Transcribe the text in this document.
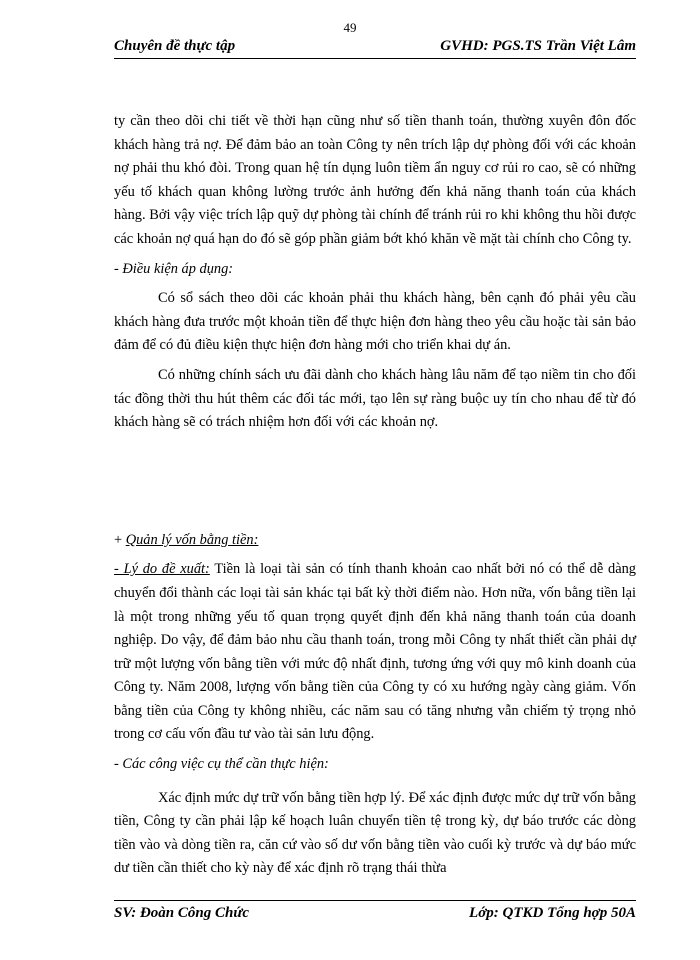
49
Chuyên đề thực tập	GVHD: PGS.TS Trần Việt Lâm

ty cần theo dõi chi tiết về thời hạn cũng như số tiền thanh toán, thường xuyên đôn đốc khách hàng trả nợ. Để đảm bảo an toàn Công ty nên trích lập dự phòng đối với các khoản nợ phải thu khó đòi. Trong quan hệ tín dụng luôn tiềm ẩn nguy cơ rủi ro cao, sẽ có những yếu tố khách quan không lường trước ảnh hưởng đến khả năng thanh toán của khách hàng. Bởi vậy việc trích lập quỹ dự phòng tài chính để tránh rủi ro khi không thu hồi được các khoản nợ quá hạn do đó sẽ góp phần giảm bớt khó khăn về mặt tài chính cho Công ty.

- Điều kiện áp dụng:

Có sổ sách theo dõi các khoản phải thu khách hàng, bên cạnh đó phải yêu cầu khách hàng đưa trước một khoản tiền để thực hiện đơn hàng theo yêu cầu hoặc tài sản bảo đảm để có đủ điều kiện thực hiện đơn hàng mới cho triển khai dự án.

Có những chính sách ưu đãi dành cho khách hàng lâu năm để tạo niềm tin cho đối tác đồng thời thu hút thêm các đối tác mới, tạo lên sự ràng buộc uy tín cho nhau để từ đó khách hàng sẽ có trách nhiệm hơn đối với các khoản nợ.

+ Quản lý vốn bằng tiền:

- Lý do đề xuất: Tiền là loại tài sản có tính thanh khoản cao nhất bởi nó có thể dễ dàng chuyển đổi thành các loại tài sản khác tại bất kỳ thời điểm nào. Hơn nữa, vốn bằng tiền lại là một trong những yếu tố quan trọng quyết định đến khả năng thanh toán của doanh nghiệp. Do vậy, để đảm bảo nhu cầu thanh toán, trong mỗi Công ty nhất thiết cần phải dự trữ một lượng vốn bằng tiền với mức độ nhất định, tương ứng với quy mô kinh doanh của Công ty. Năm 2008, lượng vốn bằng tiền của Công ty có xu hướng ngày càng giảm. Vốn bằng tiền của Công ty không nhiều, các năm sau có tăng nhưng vẫn chiếm tỷ trọng nhỏ trong cơ cấu vốn đầu tư vào tài sản lưu động.

- Các công việc cụ thể cần thực hiện:

Xác định mức dự trữ vốn bằng tiền hợp lý. Để xác định được mức dự trữ vốn bằng tiền, Công ty cần phải lập kế hoạch luân chuyển tiền tệ trong kỳ, dự báo trước các dòng tiền vào và dòng tiền ra, căn cứ vào số dư vốn bằng tiền vào cuối kỳ trước và dự báo mức dư tiền cần thiết cho kỳ này để xác định rõ trạng thái thừa

SV: Đoàn Công Chức	Lớp: QTKD Tổng hợp 50A
